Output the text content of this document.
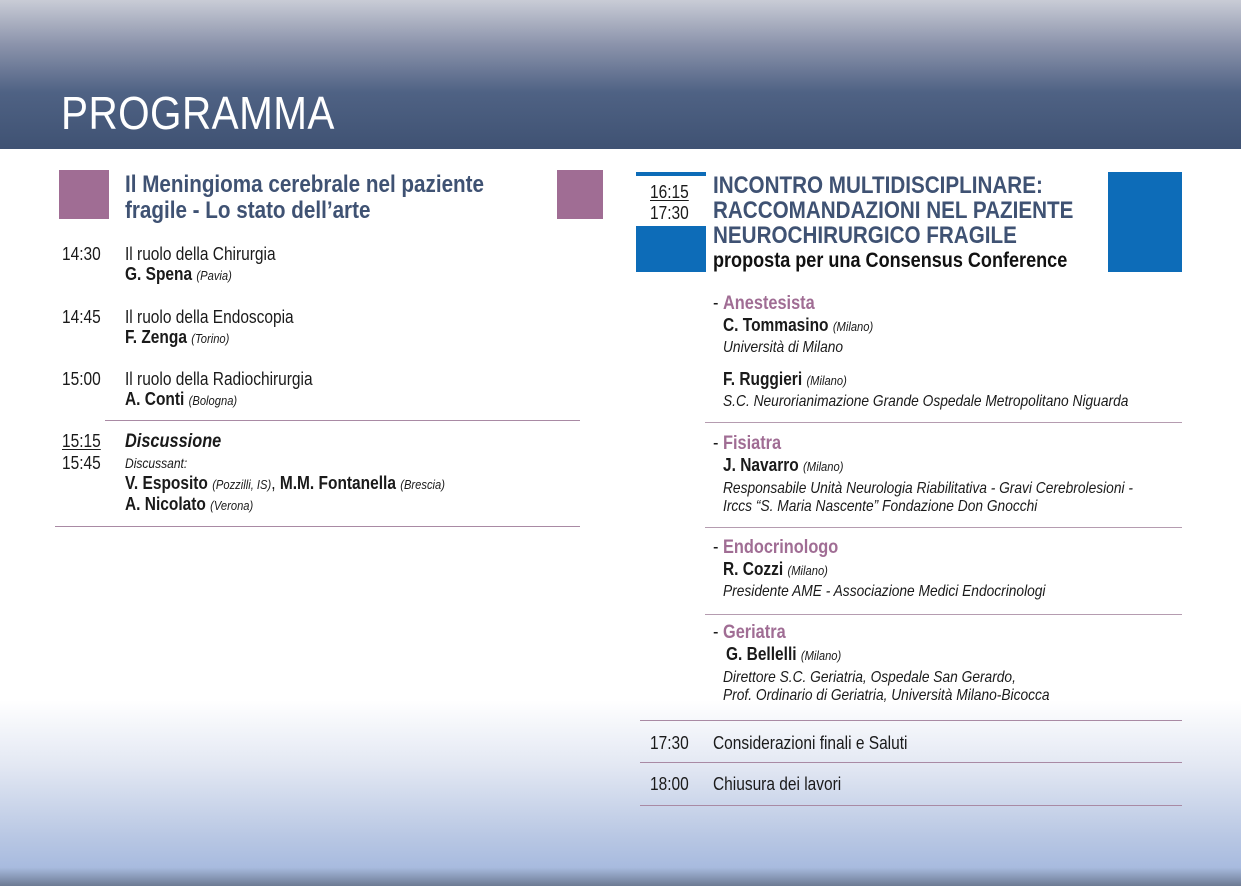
PROGRAMMA
Il Meningioma cerebrale nel paziente
fragile - Lo stato dell’arte
14:30 Il ruolo della Chirurgia
G. Spena (Pavia)
14:45 Il ruolo della Endoscopia
F. Zenga (Torino)
15:00 Il ruolo della Radiochirurgia
A. Conti (Bologna)
15:15
15:45
Discussione
Discussant:
V. Esposito (Pozzilli, IS), M.M. Fontanella (Brescia)
A. Nicolato (Verona)
16:15
17:30
INCONTRO MULTIDISCIPLINARE:
RACCOMANDAZIONI NEL PAZIENTE
NEUROCHIRURGICO FRAGILE
proposta per una Consensus Conference
- Anestesista
C. Tommasino (Milano)
Università di Milano
F. Ruggieri (Milano)
S.C. Neurorianimazione Grande Ospedale Metropolitano Niguarda
- Fisiatra
J. Navarro (Milano)
Responsabile Unità Neurologia Riabilitativa - Gravi Cerebrolesioni -
Irccs “S. Maria Nascente” Fondazione Don Gnocchi
- Endocrinologo
R. Cozzi (Milano)
Presidente AME - Associazione Medici Endocrinologi
- Geriatra
G. Bellelli (Milano)
Direttore S.C. Geriatria, Ospedale San Gerardo,
Prof. Ordinario di Geriatria, Università Milano-Bicocca
17:30 Considerazioni finali e Saluti
18:00 Chiusura dei lavori
